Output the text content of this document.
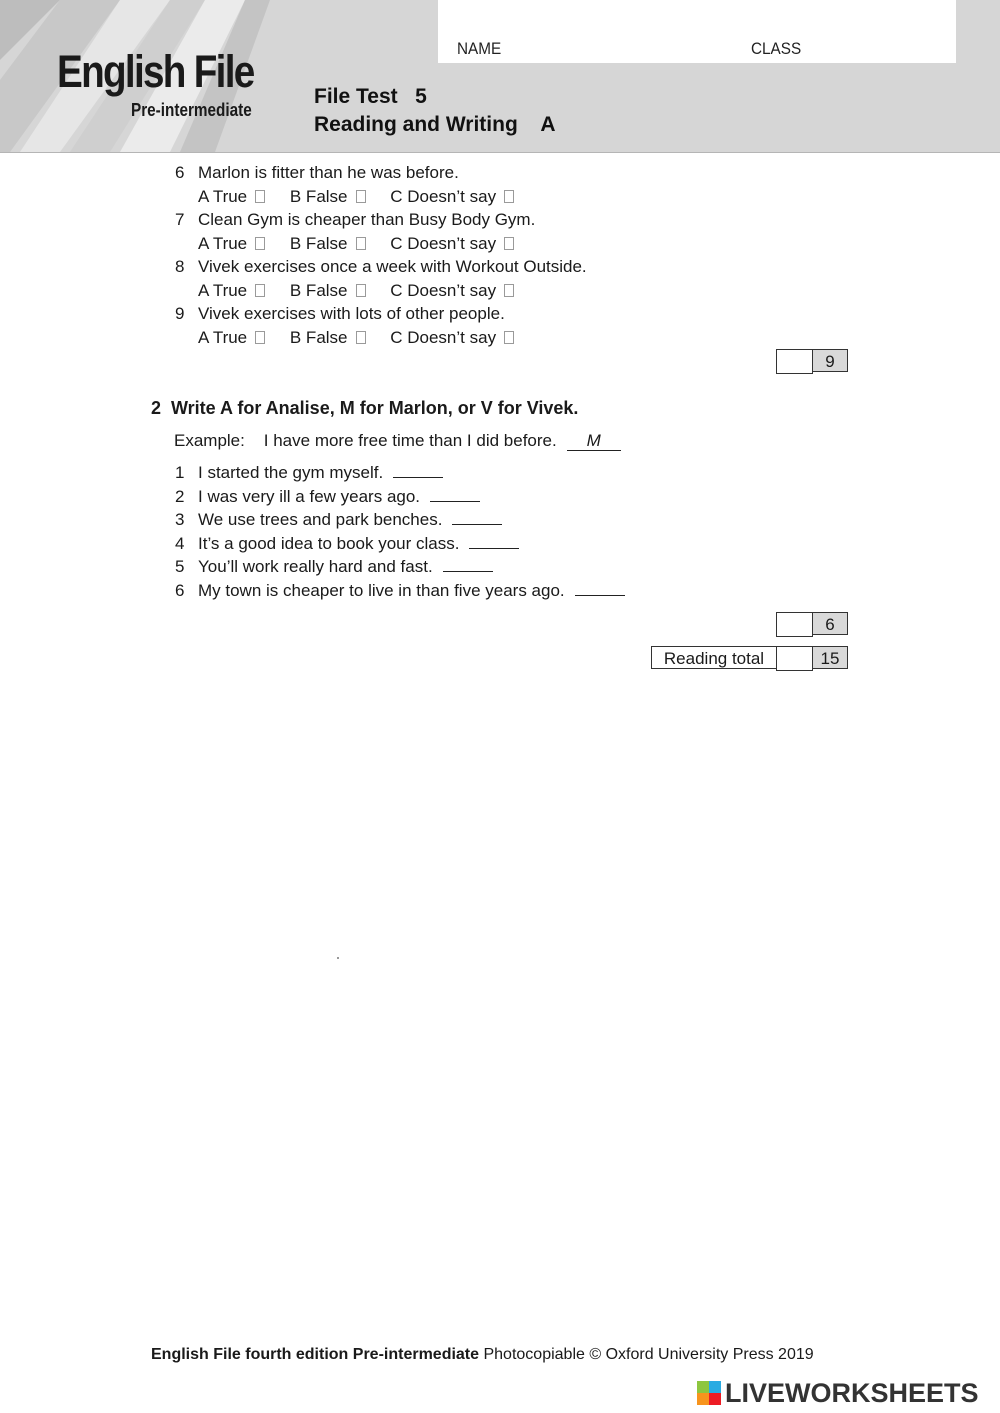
English File
Pre-intermediate
NAME	CLASS
File Test   5
Reading and Writing    A
6 Marlon is fitter than he was before.
A True	B False	C Doesn’t say
7 Clean Gym is cheaper than Busy Body Gym.
A True	B False	C Doesn’t say
8 Vivek exercises once a week with Workout Outside.
A True	B False	C Doesn’t say
9 Vivek exercises with lots of other people.
A True	B False	C Doesn’t say
9
2  Write A for Analise, M for Marlon, or V for Vivek.
Example: I have more free time than I did before. M
1 I started the gym myself.
2 I was very ill a few years ago.
3 We use trees and park benches.
4 It’s a good idea to book your class.
5 You’ll work really hard and fast.
6 My town is cheaper to live in than five years ago.
6
Reading total	15
English File fourth edition Pre-intermediate Photocopiable © Oxford University Press 2019
LIVEWORKSHEETS
